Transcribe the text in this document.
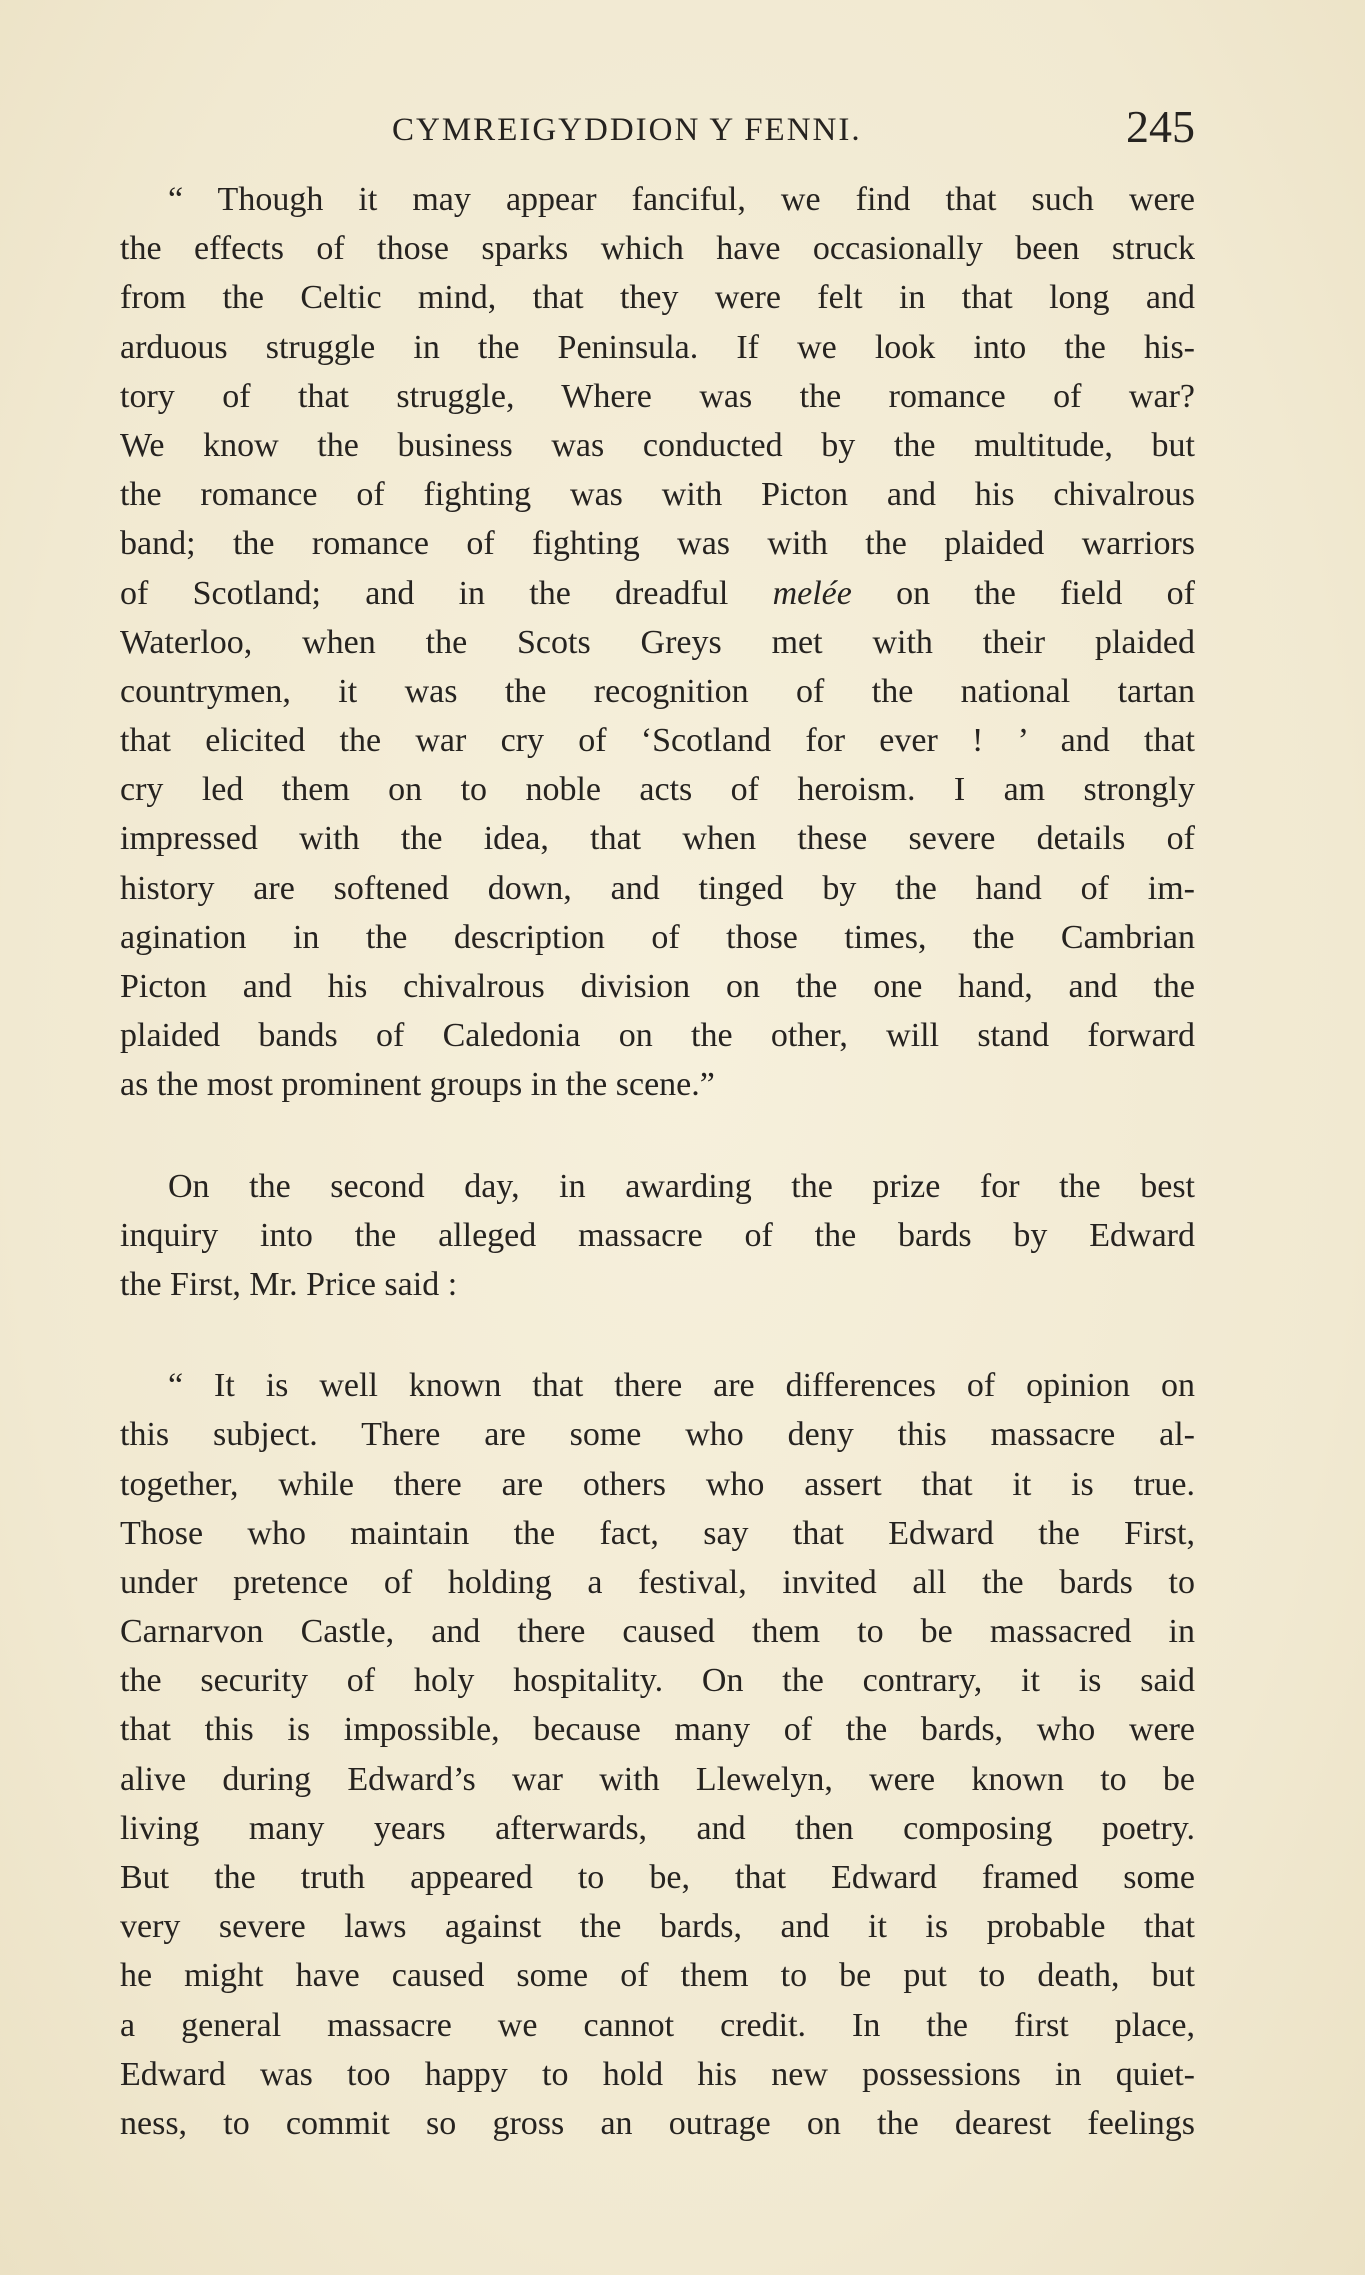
CYMREIGYDDION Y FENNI.	245
“ Though it may appear fanciful, we find that such were
the effects of those sparks which have occasionally been struck
from the Celtic mind, that they were felt in that long and
arduous struggle in the Peninsula. If we look into the his-
tory of that struggle, Where was the romance of war?
We know the business was conducted by the multitude, but
the romance of fighting was with Picton and his chivalrous
band; the romance of fighting was with the plaided warriors
of Scotland; and in the dreadful melée on the field of
Waterloo, when the Scots Greys met with their plaided
countrymen, it was the recognition of the national tartan
that elicited the war cry of ‘Scotland for ever ! ’ and that
cry led them on to noble acts of heroism. I am strongly
impressed with the idea, that when these severe details of
history are softened down, and tinged by the hand of im-
agination in the description of those times, the Cambrian
Picton and his chivalrous division on the one hand, and the
plaided bands of Caledonia on the other, will stand forward
as the most prominent groups in the scene.”
On the second day, in awarding the prize for the best
inquiry into the alleged massacre of the bards by Edward
the First, Mr. Price said :
“ It is well known that there are differences of opinion on
this subject. There are some who deny this massacre al-
together, while there are others who assert that it is true.
Those who maintain the fact, say that Edward the First,
under pretence of holding a festival, invited all the bards to
Carnarvon Castle, and there caused them to be massacred in
the security of holy hospitality. On the contrary, it is said
that this is impossible, because many of the bards, who were
alive during Edward’s war with Llewelyn, were known to be
living many years afterwards, and then composing poetry.
But the truth appeared to be, that Edward framed some
very severe laws against the bards, and it is probable that
he might have caused some of them to be put to death, but
a general massacre we cannot credit. In the first place,
Edward was too happy to hold his new possessions in quiet-
ness, to commit so gross an outrage on the dearest feelings
